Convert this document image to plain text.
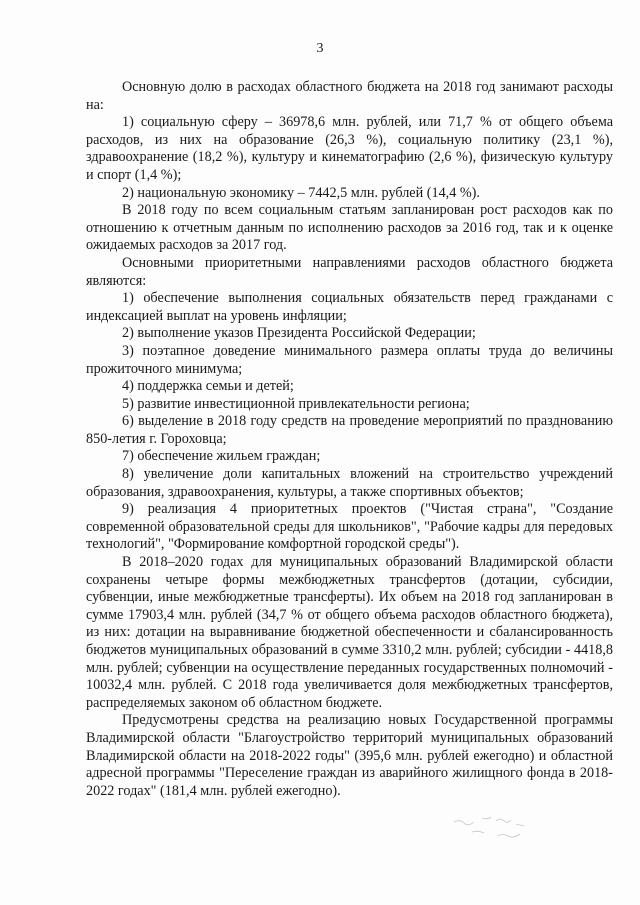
3

Основную долю в расходах областного бюджета на 2018 год занимают расходы на:

1) социальную сферу – 36978,6 млн. рублей, или 71,7 % от общего объема расходов, из них на образование (26,3 %), социальную политику (23,1 %), здравоохранение (18,2 %), культуру и кинематографию (2,6 %), физическую культуру и спорт (1,4 %);

2) национальную экономику – 7442,5 млн. рублей (14,4 %).

В 2018 году по всем социальным статьям запланирован рост расходов как по отношению к отчетным данным по исполнению расходов за 2016 год, так и к оценке ожидаемых расходов за 2017 год.

Основными приоритетными направлениями расходов областного бюджета являются:

1) обеспечение выполнения социальных обязательств перед гражданами с индексацией выплат на уровень инфляции;

2) выполнение указов Президента Российской Федерации;

3) поэтапное доведение минимального размера оплаты труда до величины прожиточного минимума;

4) поддержка семьи и детей;

5) развитие инвестиционной привлекательности региона;

6) выделение в 2018 году средств на проведение мероприятий по празднованию 850-летия г. Гороховца;

7) обеспечение жильем граждан;

8) увеличение доли капитальных вложений на строительство учреждений образования, здравоохранения, культуры, а также спортивных объектов;

9) реализация 4 приоритетных проектов ("Чистая страна", "Создание современной образовательной среды для школьников", "Рабочие кадры для передовых технологий", "Формирование комфортной городской среды").

В 2018–2020 годах для муниципальных образований Владимирской области сохранены четыре формы межбюджетных трансфертов (дотации, субсидии, субвенции, иные межбюджетные трансферты). Их объем на 2018 год запланирован в сумме 17903,4 млн. рублей (34,7 % от общего объема расходов областного бюджета), из них: дотации на выравнивание бюджетной обеспеченности и сбалансированность бюджетов муниципальных образований в сумме 3310,2 млн. рублей; субсидии - 4418,8 млн. рублей; субвенции на осуществление переданных государственных полномочий - 10032,4 млн. рублей. С 2018 года увеличивается доля межбюджетных трансфертов, распределяемых законом об областном бюджете.

Предусмотрены средства на реализацию новых Государственной программы Владимирской области "Благоустройство территорий муниципальных образований Владимирской области на 2018-2022 годы" (395,6 млн. рублей ежегодно) и областной адресной программы "Переселение граждан из аварийного жилищного фонда в 2018-2022 годах" (181,4 млн. рублей ежегодно).
